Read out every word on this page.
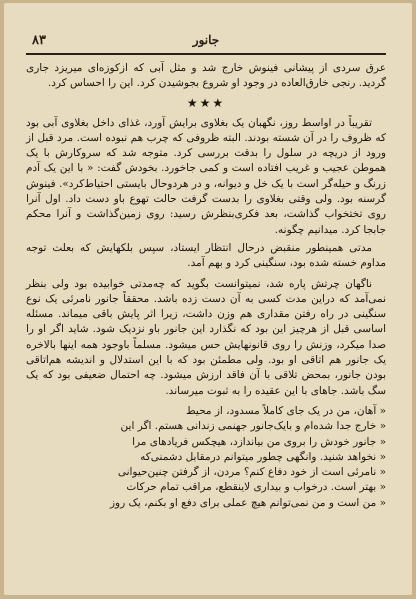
۸۳	جانور

عرق سردی از پیشانی فینوش خارج شد و مثل آبی که ازکوزه‌ای میریزد جاری گردید. رنجی خارق‌العاده در وجود او شروع بجوشیدن کرد. این را احساس کرد.

★★★

تقریباً در اواسط روز، نگهبان یک بغلاوی برایش آورد، غذای داخل بغلاوی آبی بود که ظروف را در آن شسته بودند. البته ظروفی که چرب هم نبوده است. مرد قبل از ورود از دریچه در سلول را بدقت بررسی کرد. متوجه شد که سروکارش با یک همو‌طن عجیب و غریب افتاده است و کمی جاخورد. بخودش گفت: « با این یک آدم زرنگ و حیله‌گر است با یک خل و دیوانه، و در هردوحال بایستی احتیاط‌کرد». فینوش گرسنه بود. ولی وقتی بغلاوی را بدست گرفت حالت تهوع باو دست داد. اول آنرا روی تختخواب گذاشت، بعد فکری‌بنظرش رسید: روی زمین‌گذاشت و آنرا محکم جابجا کرد. میدانیم چگونه.

مدتی همینطور منقبض درحال انتظار ایستاد، سپس بلکهایش که بعلت توجه مداوم خسته شده بود، سنگینی کرد و بهم آمد.

ناگهان چرتش پاره شد، نمیتوانست بگوید که چه‌مدتی خوابیده بود ولی بنظر نمی‌آمد که دراین مدت کسی به آن دست زده باشد. محققاً جانور نامرئی یک نوع سنگینی در راه رفتن مقداری هم وزن داشت، زیرا اثر پایش باقی میماند. مسئله اساسی قبل از هرچیز این بود که نگذارد این جانور باو نزدیک شود. شاید اگر او را صدا میکرد، وزنش را روی قانونهایش حس میشود. مسلماً باوجود همه اینها بالاخره یک جانور هم اتاقی او بود. ولی مطمئن بود که با این استدلال و اندیشه هم‌اتاقی بودن جانور، بمحض تلاقی با آن فاقد ارزش میشود. چه احتمال ضعیفی بود که یک سگ باشد. جاهای با این عقیده را به ثبوت میرساند.

« آهان، من در یک جای کاملاً مسدود، از محیط

« خارج جدا شده‌ام و بایک‌جانور جهنمی زندانی هستم. اگر این

« جانور خودش را بروی من بیاندازد، هیچکس فریادهای مرا

« نخواهد شنید. وانگهی چطور میتوانم درمقابل دشمنی‌که

« نامرئی است از خود دفاع کنم؟ مردن، از گرفتن چنین‌حیوانی

« بهتر است. درخواب و بیداری لاینقطع، مراقب تمام حرکات

« من است و من نمی‌توانم هیچ عملی برای دفع او بکنم، یک روز
